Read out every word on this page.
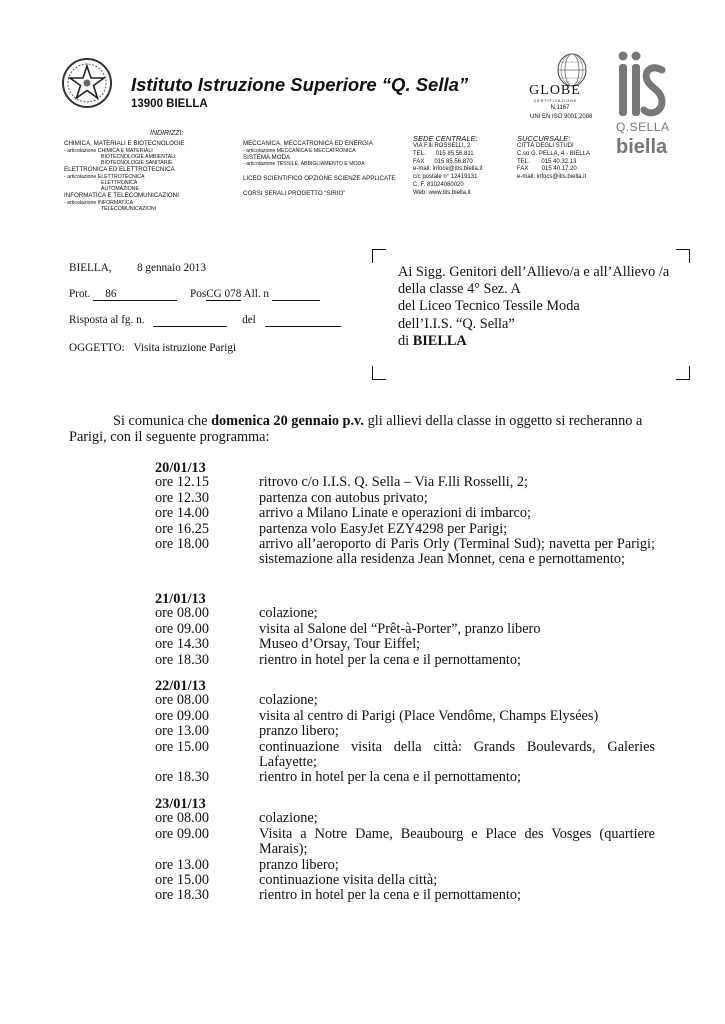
Istituto Istruzione Superiore “Q. Sella”
13900 BIELLA
GLOBE
C E R T I F I C A Z I O N E
N.1167
UNI EN ISO 9001:2008
Q.SELLA
biella
INDIRIZZI:
CHIMICA, MATERIALI E BIOTECNOLOGIE
- articolazione CHIMICA E MATERIALI
BIOTECNOLOGIE AMBIENTALI
BIOTECNOLOGIE SANITARIE
ELETTRONICA ED ELETTROTECNICA
- articolazione ELETTROTECNICA
ELETTRONICA
AUTOMAZIONE
INFORMATICA E TELECOMUNICAZIONI
- articolazione INFORMATICA
TELECOMUNICAZIONI
MECCANICA, MECCATRONICA ED ENERGIA
- articolazione MECCANICA E MECCATRONICA
SISTEMA MODA
- articolazione TESSILE, ABBIGLIAMENTO E MODA

LICEO SCIENTIFICO OPZIONE SCIENZE APPLICATE

CORSI SERALI PROGETTO “SIRIO”
SEDE CENTRALE:
VIA F.lli ROSSELLI, 2
TEL.      015 85.56.811
FAX      015 85.56.870
e-mail: infoce@itis.biella.it
c/c postale n° 12419131
C. F. 81024080020
Web: www.itis.biella.it
SUCCURSALE:
CITTÀ DEGLI STUDI
C.so G. PELLA, 4 - BIELLA
TEL.       015 40.32.13
FAX        015 40.17.20
e-mail: infocs@itis.biella.it
BIELLA, 8 gennaio 2013
Prot. 86	PosCG 078 All. n
Risposta al fg. n.	del
OGGETTO: Visita istruzione Parigi
Ai Sigg. Genitori dell’Allievo/a e all’Allievo /a
della classe 4° Sez. A
del Liceo Tecnico Tessile Moda
dell’I.I.S. “Q. Sella”
di BIELLA
Si comunica che domenica 20 gennaio p.v. gli allievi della classe in oggetto si recheranno a
Parigi, con il seguente programma:
20/01/13
ore 12.15	ritrovo c/o I.I.S. Q. Sella – Via F.lli Rosselli, 2;
ore 12.30	partenza con autobus privato;
ore 14.00	arrivo a Milano Linate e operazioni di imbarco;
ore 16.25	partenza volo EasyJet EZY4298 per Parigi;
ore 18.00	arrivo all’aeroporto di Paris Orly (Terminal Sud); navetta per Parigi; sistemazione alla residenza Jean Monnet, cena e pernottamento;
21/01/13
ore 08.00	colazione;
ore 09.00	visita al Salone del “Prêt-à-Porter”, pranzo libero
ore 14.30	Museo d’Orsay, Tour Eiffel;
ore 18.30	rientro in hotel per la cena e il pernottamento;
22/01/13
ore 08.00	colazione;
ore 09.00	visita al centro di Parigi (Place Vendôme, Champs Elysées)
ore 13.00	pranzo libero;
ore 15.00	continuazione visita della città: Grands Boulevards, Galeries Lafayette;
ore 18.30	rientro in hotel per la cena e il pernottamento;
23/01/13
ore 08.00	colazione;
ore 09.00	Visita a Notre Dame, Beaubourg e Place des Vosges (quartiere Marais);
ore 13.00	pranzo libero;
ore 15.00	continuazione visita della città;
ore 18.30	rientro in hotel per la cena e il pernottamento;
